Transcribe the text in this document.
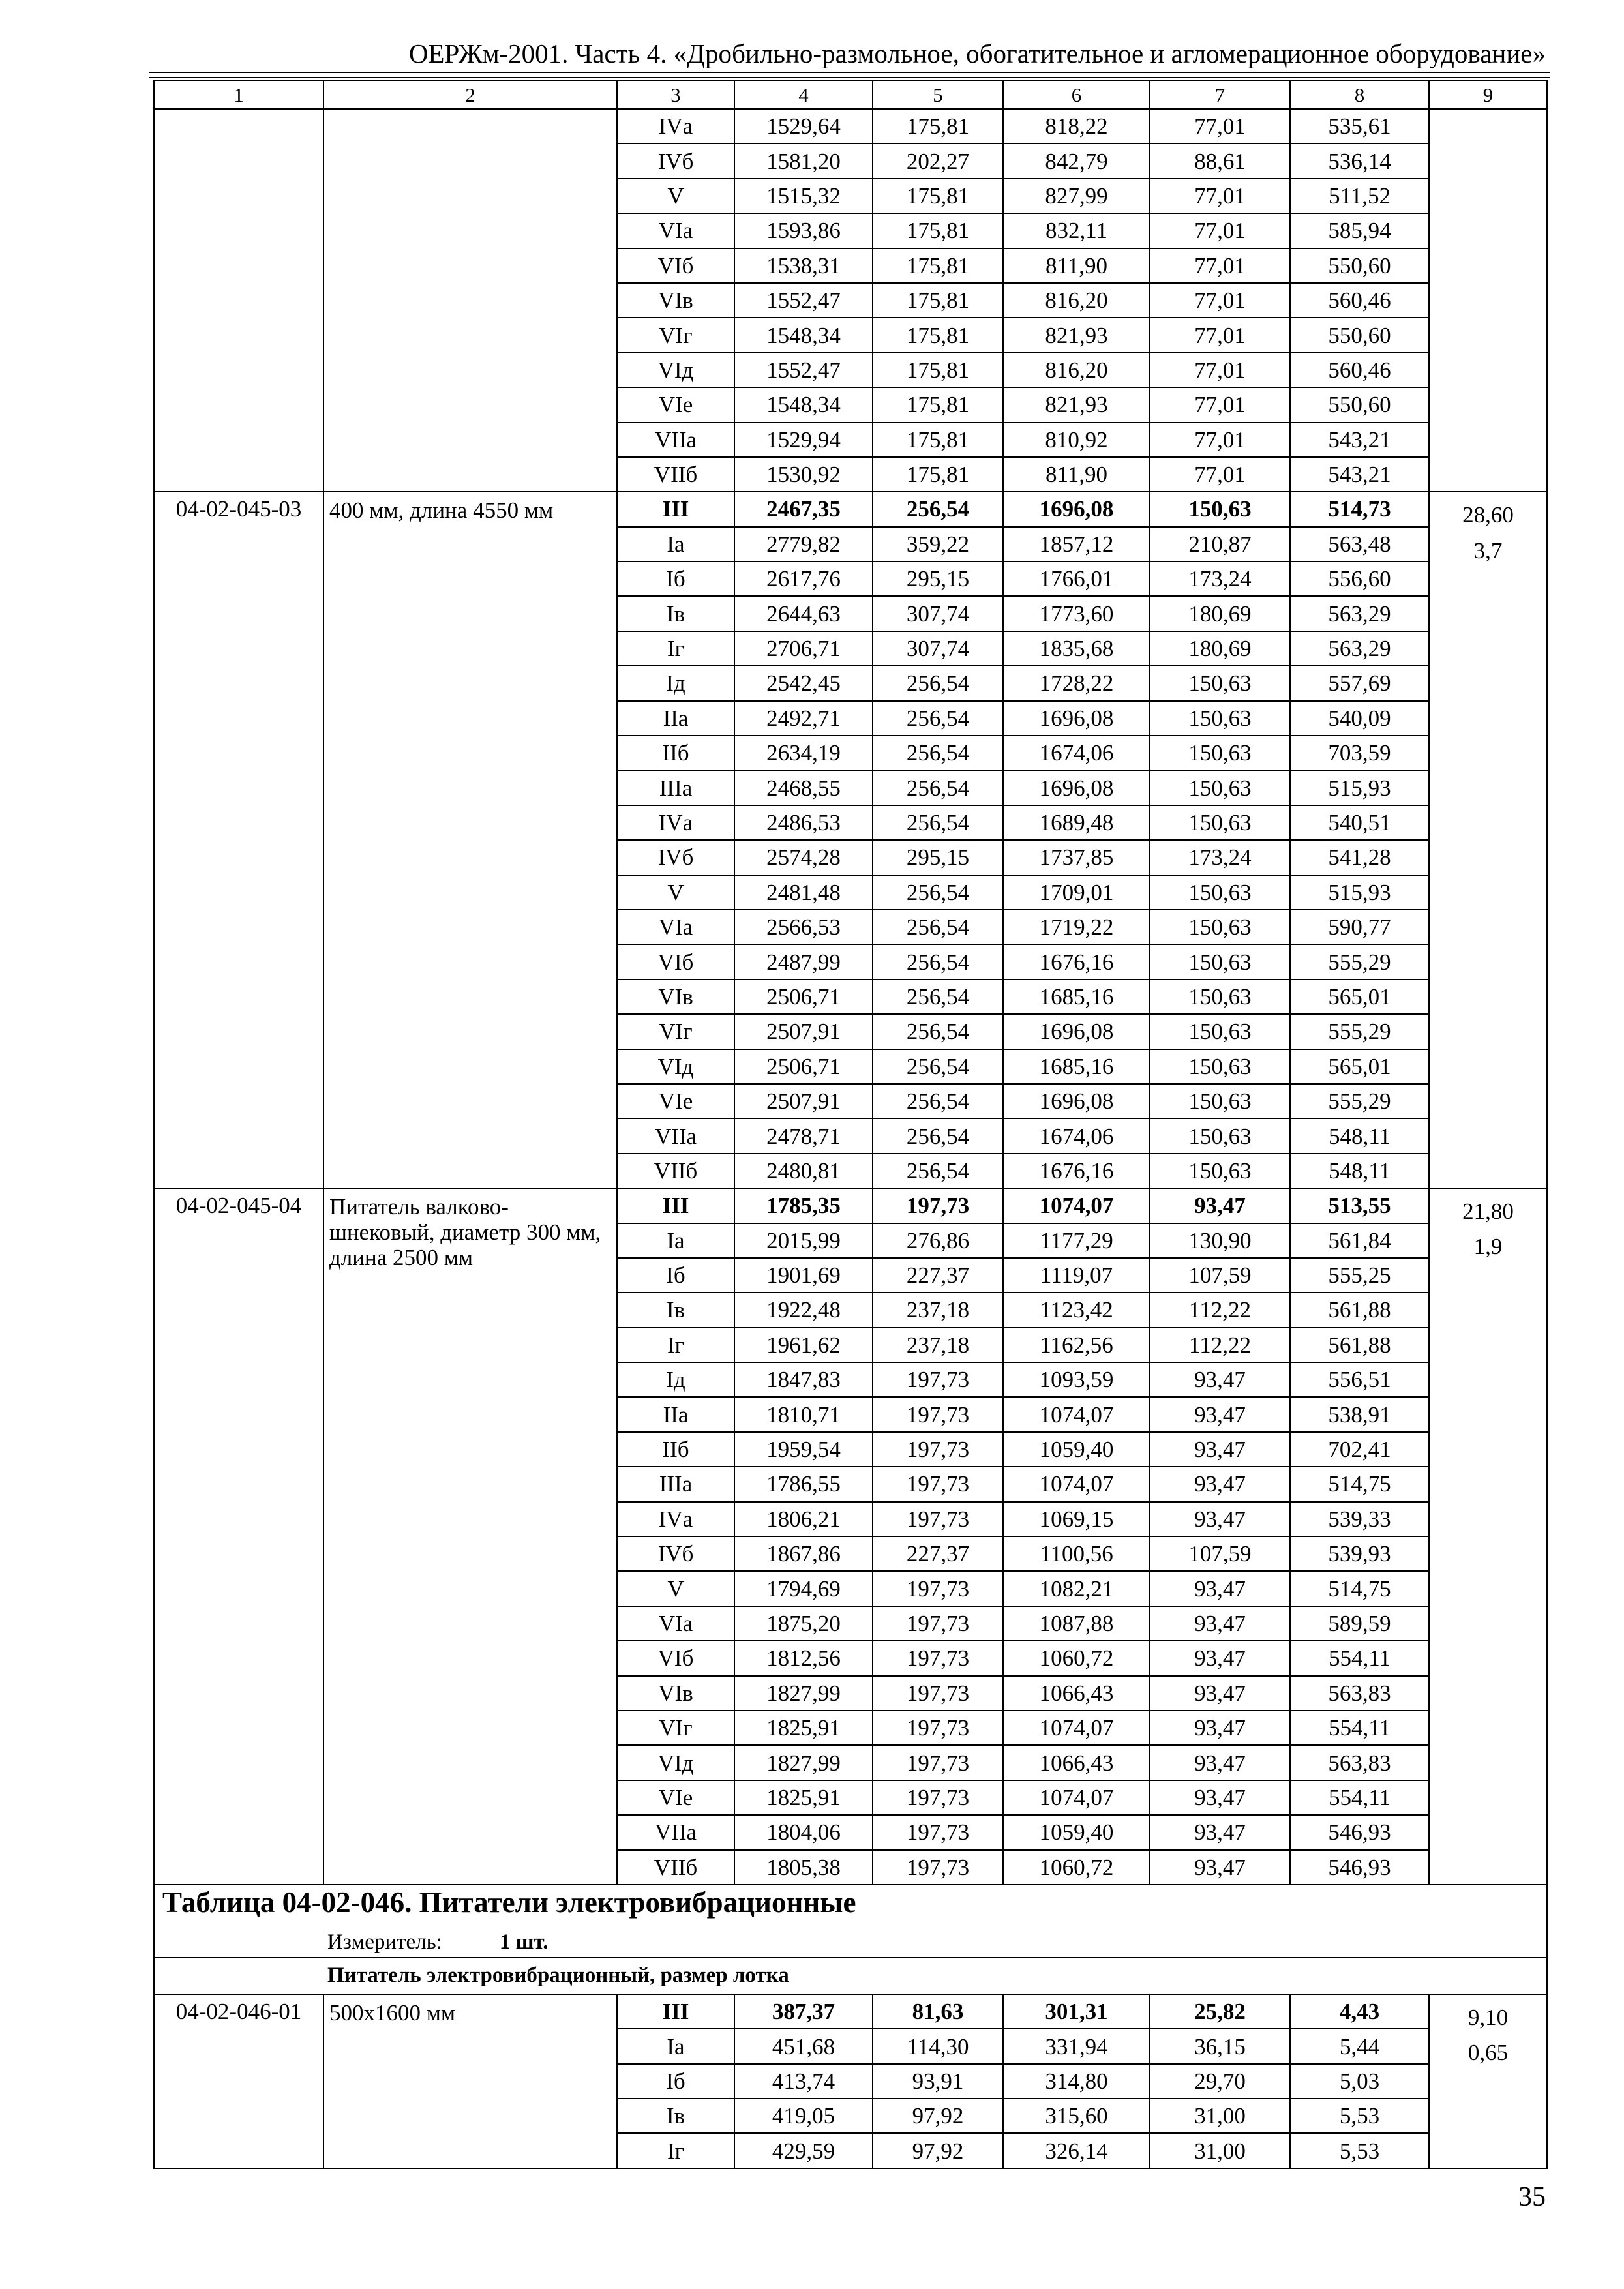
ОЕРЖм-2001. Часть 4. «Дробильно-размольное, обогатительное и агломерационное оборудование»
1	2	3	4	5	6	7	8	9
		IVа	1529,64	175,81	818,22	77,01	535,61	
		IVб	1581,20	202,27	842,79	88,61	536,14	
		V	1515,32	175,81	827,99	77,01	511,52	
		VIа	1593,86	175,81	832,11	77,01	585,94	
		VIб	1538,31	175,81	811,90	77,01	550,60	
		VIв	1552,47	175,81	816,20	77,01	560,46	
		VIг	1548,34	175,81	821,93	77,01	550,60	
		VIд	1552,47	175,81	816,20	77,01	560,46	
		VIе	1548,34	175,81	821,93	77,01	550,60	
		VIIа	1529,94	175,81	810,92	77,01	543,21	
		VIIб	1530,92	175,81	811,90	77,01	543,21	
04-02-045-03	400 мм, длина 4550 мм	III	2467,35	256,54	1696,08	150,63	514,73	28,60
3,7

		Iа	2779,82	359,22	1857,12	210,87	563,48	
		Iб	2617,76	295,15	1766,01	173,24	556,60	
		Iв	2644,63	307,74	1773,60	180,69	563,29	
		Iг	2706,71	307,74	1835,68	180,69	563,29	
		Iд	2542,45	256,54	1728,22	150,63	557,69	
		IIа	2492,71	256,54	1696,08	150,63	540,09	
		IIб	2634,19	256,54	1674,06	150,63	703,59	
		IIIа	2468,55	256,54	1696,08	150,63	515,93	
		IVа	2486,53	256,54	1689,48	150,63	540,51	
		IVб	2574,28	295,15	1737,85	173,24	541,28	
		V	2481,48	256,54	1709,01	150,63	515,93	
		VIа	2566,53	256,54	1719,22	150,63	590,77	
		VIб	2487,99	256,54	1676,16	150,63	555,29	
		VIв	2506,71	256,54	1685,16	150,63	565,01	
		VIг	2507,91	256,54	1696,08	150,63	555,29	
		VIд	2506,71	256,54	1685,16	150,63	565,01	
		VIе	2507,91	256,54	1696,08	150,63	555,29	
		VIIа	2478,71	256,54	1674,06	150,63	548,11	
		VIIб	2480,81	256,54	1676,16	150,63	548,11	
04-02-045-04	Питатель валково-шнековый, диаметр 300 мм, длина 2500 мм	III	1785,35	197,73	1074,07	93,47	513,55	21,80
1,9

		Iа	2015,99	276,86	1177,29	130,90	561,84	
		Iб	1901,69	227,37	1119,07	107,59	555,25	
		Iв	1922,48	237,18	1123,42	112,22	561,88	
		Iг	1961,62	237,18	1162,56	112,22	561,88	
		Iд	1847,83	197,73	1093,59	93,47	556,51	
		IIа	1810,71	197,73	1074,07	93,47	538,91	
		IIб	1959,54	197,73	1059,40	93,47	702,41	
		IIIа	1786,55	197,73	1074,07	93,47	514,75	
		IVа	1806,21	197,73	1069,15	93,47	539,33	
		IVб	1867,86	227,37	1100,56	107,59	539,93	
		V	1794,69	197,73	1082,21	93,47	514,75	
		VIа	1875,20	197,73	1087,88	93,47	589,59	
		VIб	1812,56	197,73	1060,72	93,47	554,11	
		VIв	1827,99	197,73	1066,43	93,47	563,83	
		VIг	1825,91	197,73	1074,07	93,47	554,11	
		VIд	1827,99	197,73	1066,43	93,47	563,83	
		VIе	1825,91	197,73	1074,07	93,47	554,11	
		VIIа	1804,06	197,73	1059,40	93,47	546,93	
		VIIб	1805,38	197,73	1060,72	93,47	546,93	
Таблица 04-02-046. Питатели электровибрационные								
Измеритель: 1 шт.								
Питатель электровибрационный, размер лотка								
04-02-046-01	500x1600 мм	III	387,37	81,63	301,31	25,82	4,43	9,10
0,65

		Iа	451,68	114,30	331,94	36,15	5,44	
		Iб	413,74	93,91	314,80	29,70	5,03	
		Iв	419,05	97,92	315,60	31,00	5,53	
		Iг	429,59	97,92	326,14	31,00	5,53	
35
